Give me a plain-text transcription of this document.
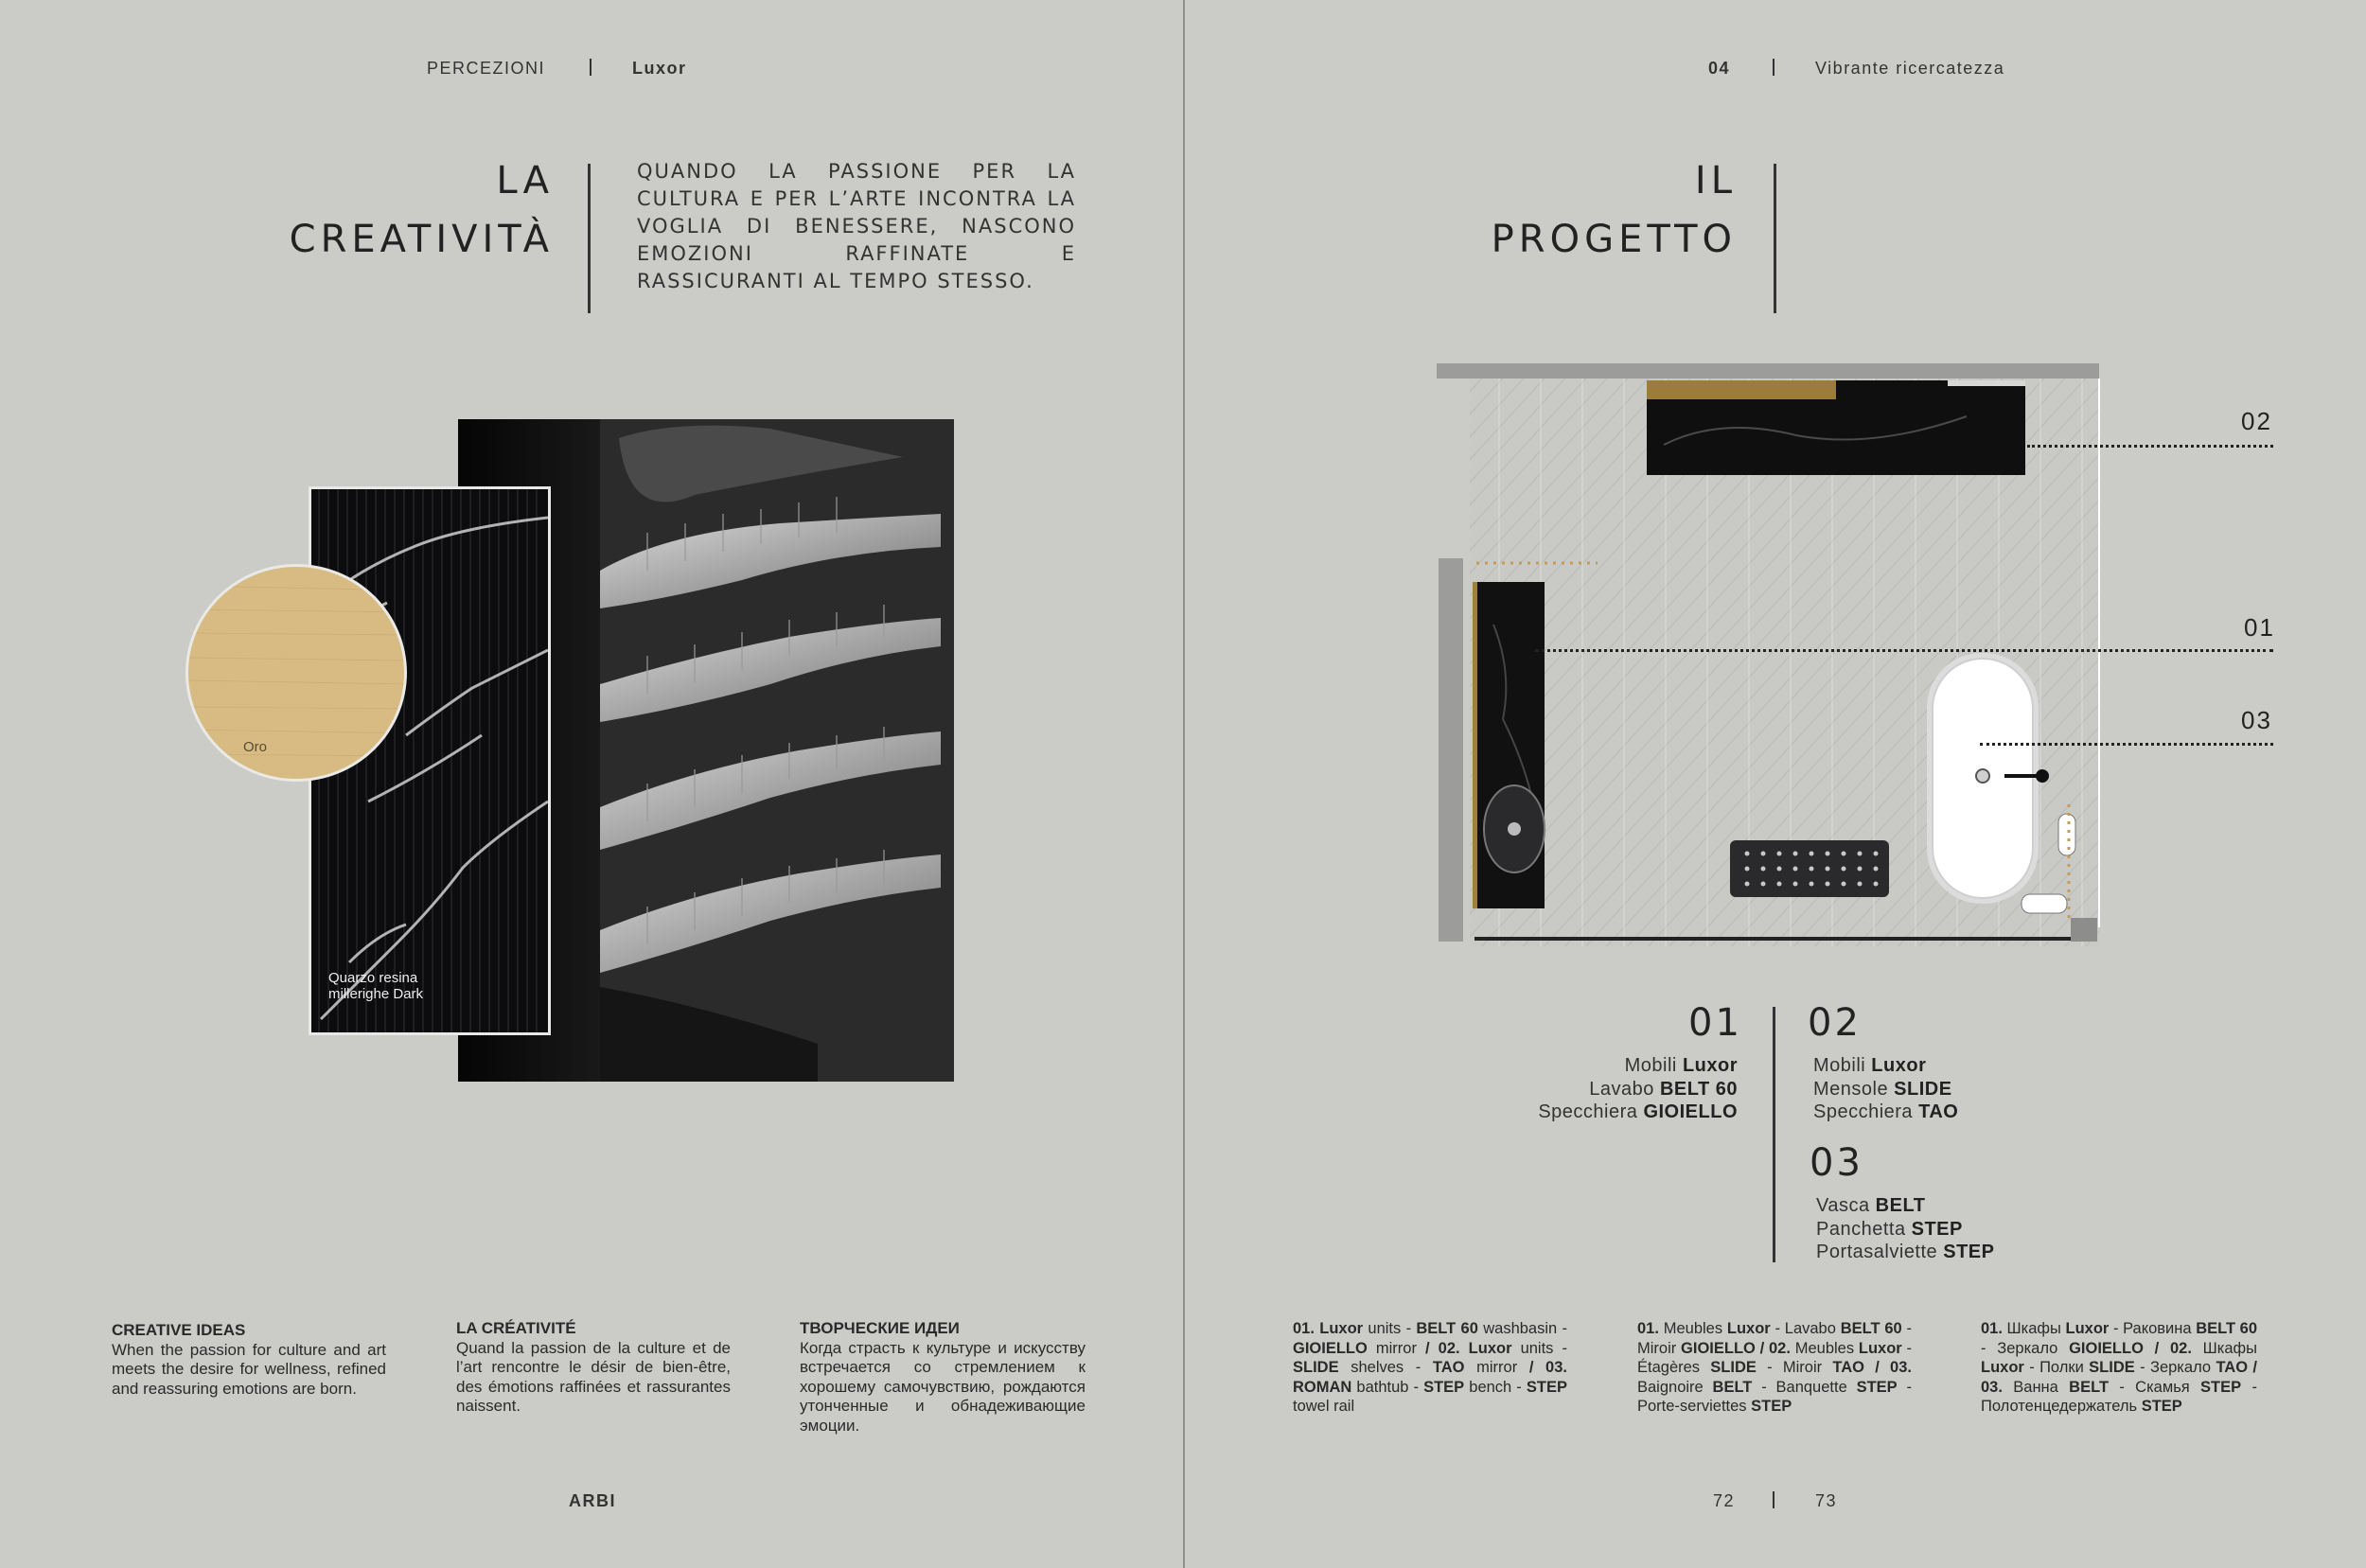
PERCEZIONI	Luxor
LA
CREATIVITÀ
QUANDO LA PASSIONE PER LA CULTURA E PER L’ARTE INCONTRA LA VOGLIA DI BENESSERE, NASCONO EMOZIONI RAFFINATE E RASSICURANTI AL TEMPO STESSO.
Quarzo resina millerighe Dark
Oro
CREATIVE IDEAS
When the passion for culture and art meets the desire for wellness, refined and reassuring emotions are born.
LA CRÉATIVITÉ
Quand la passion de la culture et de l’art rencontre le désir de bien-être, des émotions raffinées et rassurantes naissent.
ТВОРЧЕСКИЕ ИДЕИ
Когда страсть к культуре и искусству встречается со стремлением к хорошему самочувствию, рождаются утонченные и обнадеживающие эмоции.
ARBI
04	Vibrante ricercatezza
IL
PROGETTO
02
01
03
01
Mobili Luxor
Lavabo BELT 60
Specchiera GIOIELLO
02
Mobili Luxor
Mensole SLIDE
Specchiera TAO
03
Vasca BELT
Panchetta STEP
Portasalviette STEP
01. Luxor units - BELT 60 washbasin - GIOIELLO mirror / 02. Luxor units - SLIDE shelves - TAO mirror / 03. ROMAN bathtub - STEP bench - STEP towel rail
01. Meubles Luxor - Lavabo BELT 60 - Miroir GIOIELLO / 02. Meubles Luxor - Étagères SLIDE - Miroir TAO / 03. Baignoire BELT - Banquette STEP - Porte-serviettes STEP
01. Шкафы Luxor - Раковина BELT 60 - Зеркало GIOIELLO / 02. Шкафы Luxor - Полки SLIDE - Зеркало TAO / 03. Ванна BELT - Скамья STEP - Полотенцедержатель STEP
72	73
